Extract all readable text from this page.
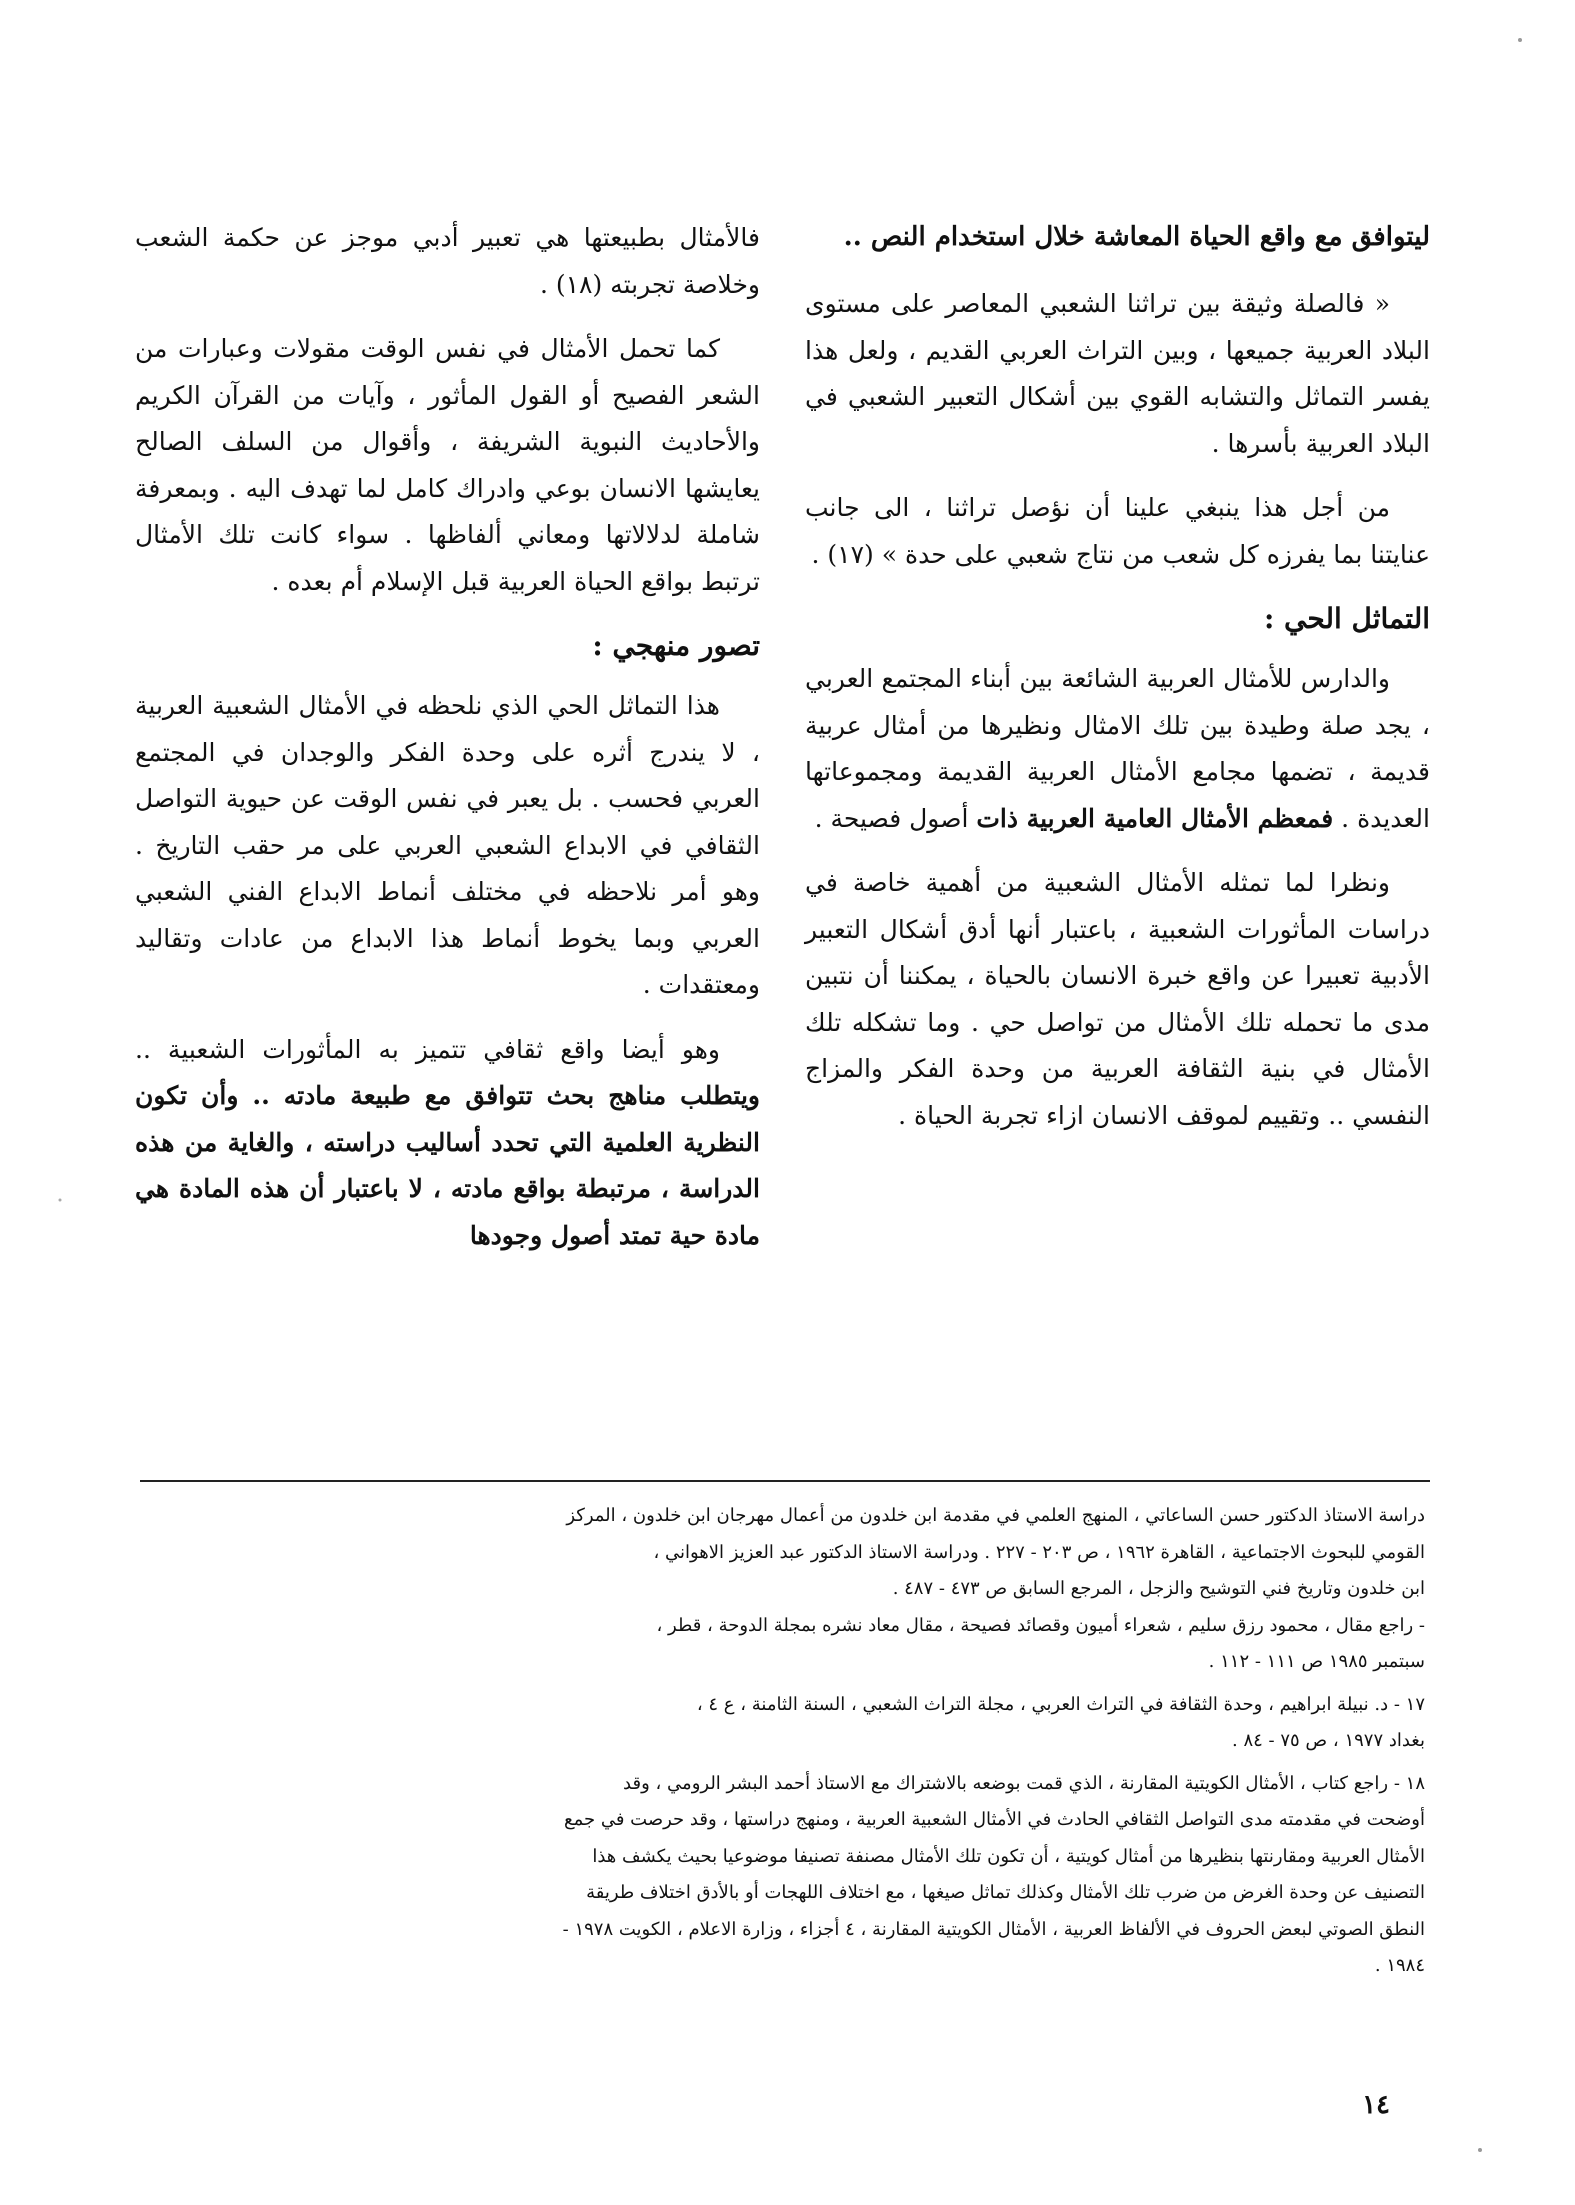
ليتوافق مع واقع الحياة المعاشة خلال استخدام النص ..

« فالصلة وثيقة بين تراثنا الشعبي المعاصر على مستوى البلاد العربية جميعها ، وبين التراث العربي القديم ، ولعل هذا يفسر التماثل والتشابه القوي بين أشكال التعبير الشعبي في البلاد العربية بأسرها .

من أجل هذا ينبغي علينا أن نؤصل تراثنا ، الى جانب عنايتنا بما يفرزه كل شعب من نتاج شعبي على حدة » (١٧) .

التماثل الحي :

والدارس للأمثال العربية الشائعة بين أبناء المجتمع العربي ، يجد صلة وطيدة بين تلك الامثال ونظيرها من أمثال عربية قديمة ، تضمها مجامع الأمثال العربية القديمة ومجموعاتها العديدة . فمعظم الأمثال العامية العربية ذات أصول فصيحة .

ونظرا لما تمثله الأمثال الشعبية من أهمية خاصة في دراسات المأثورات الشعبية ، باعتبار أنها أدق أشكال التعبير الأدبية تعبيرا عن واقع خبرة الانسان بالحياة ، يمكننا أن نتبين مدى ما تحمله تلك الأمثال من تواصل حي . وما تشكله تلك الأمثال في بنية الثقافة العربية من وحدة الفكر والمزاج النفسي .. وتقييم لموقف الانسان ازاء تجربة الحياة .

فالأمثال بطبيعتها هي تعبير أدبي موجز عن حكمة الشعب وخلاصة تجربته (١٨) .

كما تحمل الأمثال في نفس الوقت مقولات وعبارات من الشعر الفصيح أو القول المأثور ، وآيات من القرآن الكريم والأحاديث النبوية الشريفة ، وأقوال من السلف الصالح يعايشها الانسان بوعي وادراك كامل لما تهدف اليه . وبمعرفة شاملة لدلالاتها ومعاني ألفاظها . سواء كانت تلك الأمثال ترتبط بواقع الحياة العربية قبل الإسلام أم بعده .

تصور منهجي :

هذا التماثل الحي الذي نلحظه في الأمثال الشعبية العربية ، لا يندرج أثره على وحدة الفكر والوجدان في المجتمع العربي فحسب . بل يعبر في نفس الوقت عن حيوية التواصل الثقافي في الابداع الشعبي العربي على مر حقب التاريخ . وهو أمر نلاحظه في مختلف أنماط الابداع الفني الشعبي العربي وبما يخوط أنماط هذا الابداع من عادات وتقاليد ومعتقدات .

وهو أيضا واقع ثقافي تتميز به المأثورات الشعبية .. ويتطلب مناهج بحث تتوافق مع طبيعة مادته .. وأن تكون النظرية العلمية التي تحدد أساليب دراسته ، والغاية من هذه الدراسة ، مرتبطة بواقع مادته ، لا باعتبار أن هذه المادة هي مادة حية تمتد أصول وجودها

دراسة الاستاذ الدكتور حسن الساعاتي ، المنهج العلمي في مقدمة ابن خلدون من أعمال مهرجان ابن خلدون ، المركز
القومي للبحوث الاجتماعية ، القاهرة ١٩٦٢ ، ص ٢٠٣ - ٢٢٧ . ودراسة الاستاذ الدكتور عبد العزيز الاهواني ،
ابن خلدون وتاريخ فني التوشيح والزجل ، المرجع السابق ص ٤٧٣ - ٤٨٧ .
- راجع مقال ، محمود رزق سليم ، شعراء أميون وقصائد فصيحة ، مقال معاد نشره بمجلة الدوحة ، قطر ،
سبتمبر ١٩٨٥ ص ١١١ - ١١٢ .
١٧ - د. نبيلة ابراهيم ، وحدة الثقافة في التراث العربي ، مجلة التراث الشعبي ، السنة الثامنة ، ع ٤ ،
بغداد ١٩٧٧ ، ص ٧٥ - ٨٤ .
١٨ - راجع كتاب ، الأمثال الكويتية المقارنة ، الذي قمت بوضعه بالاشتراك مع الاستاذ أحمد البشر الرومي ، وقد
أوضحت في مقدمته مدى التواصل الثقافي الحادث في الأمثال الشعبية العربية ، ومنهج دراستها ، وقد حرصت في جمع
الأمثال العربية ومقارنتها بنظيرها من أمثال كويتية ، أن تكون تلك الأمثال مصنفة تصنيفا موضوعيا بحيث يكشف هذا
التصنيف عن وحدة الغرض من ضرب تلك الأمثال وكذلك تماثل صيغها ، مع اختلاف اللهجات أو بالأدق اختلاف طريقة
النطق الصوتي لبعض الحروف في الألفاظ العربية ، الأمثال الكويتية المقارنة ، ٤ أجزاء ، وزارة الاعلام ، الكويت ١٩٧٨ -
١٩٨٤ .
١٤
